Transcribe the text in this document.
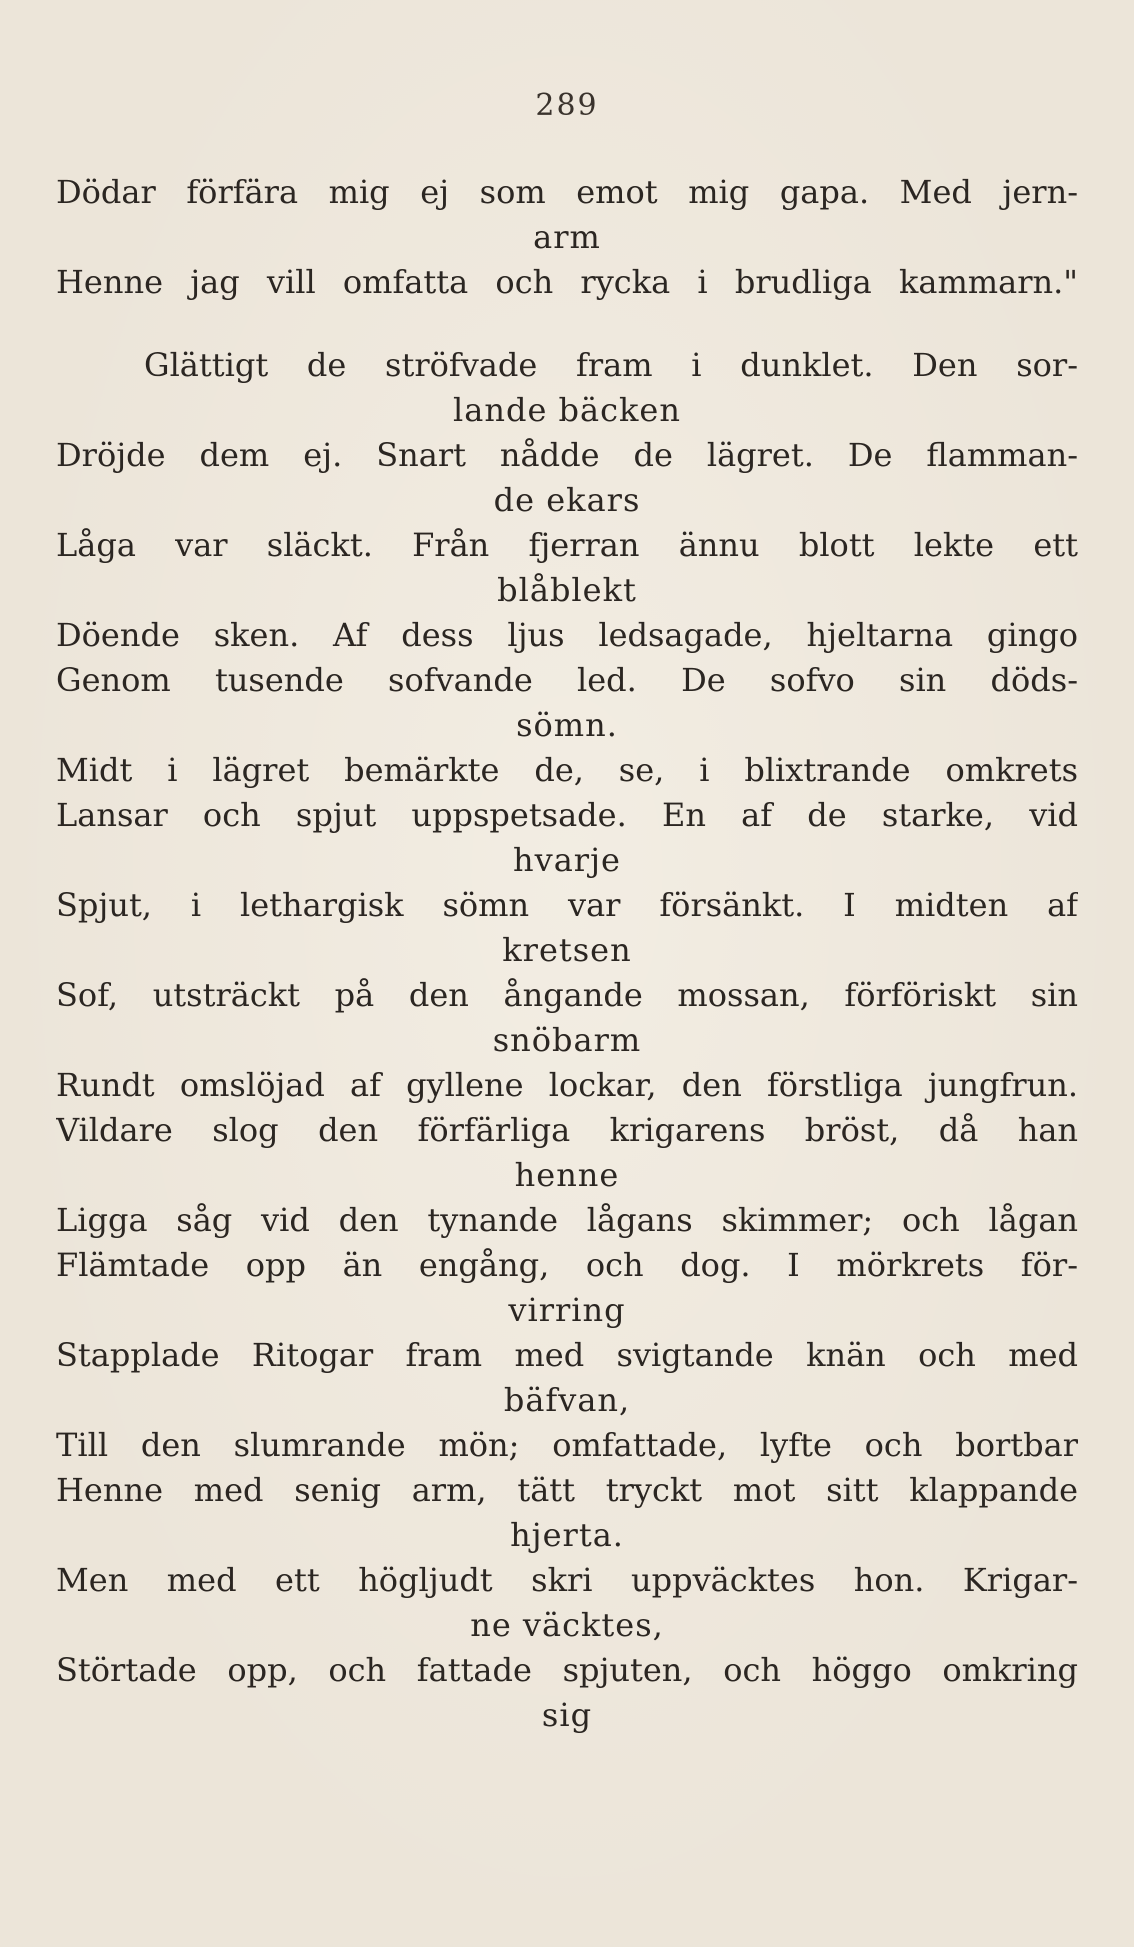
289
Dödar förfära mig ej som emot mig gapa. Med jern-
arm
Henne jag vill omfatta och rycka i brudliga kammarn."
Glättigt de ströfvade fram i dunklet. Den sor-
lande bäcken
Dröjde dem ej. Snart nådde de lägret. De flamman-
de ekars
Låga var släckt. Från fjerran ännu blott lekte ett
blåblekt
Döende sken. Af dess ljus ledsagade, hjeltarna gingo
Genom tusende sofvande led. De sofvo sin döds-
sömn.
Midt i lägret bemärkte de, se, i blixtrande omkrets
Lansar och spjut uppspetsade. En af de starke, vid
hvarje
Spjut, i lethargisk sömn var försänkt. I midten af
kretsen
Sof, utsträckt på den ångande mossan, förföriskt sin
snöbarm
Rundt omslöjad af gyllene lockar, den förstliga jungfrun.
Vildare slog den förfärliga krigarens bröst, då han
henne
Ligga såg vid den tynande lågans skimmer; och lågan
Flämtade opp än engång, och dog. I mörkrets för-
virring
Stapplade Ritogar fram med svigtande knän och med
bäfvan,
Till den slumrande mön; omfattade, lyfte och bortbar
Henne med senig arm, tätt tryckt mot sitt klappande
hjerta.
Men med ett högljudt skri uppväcktes hon. Krigar-
ne väcktes,
Störtade opp, och fattade spjuten, och höggo omkring
sig
